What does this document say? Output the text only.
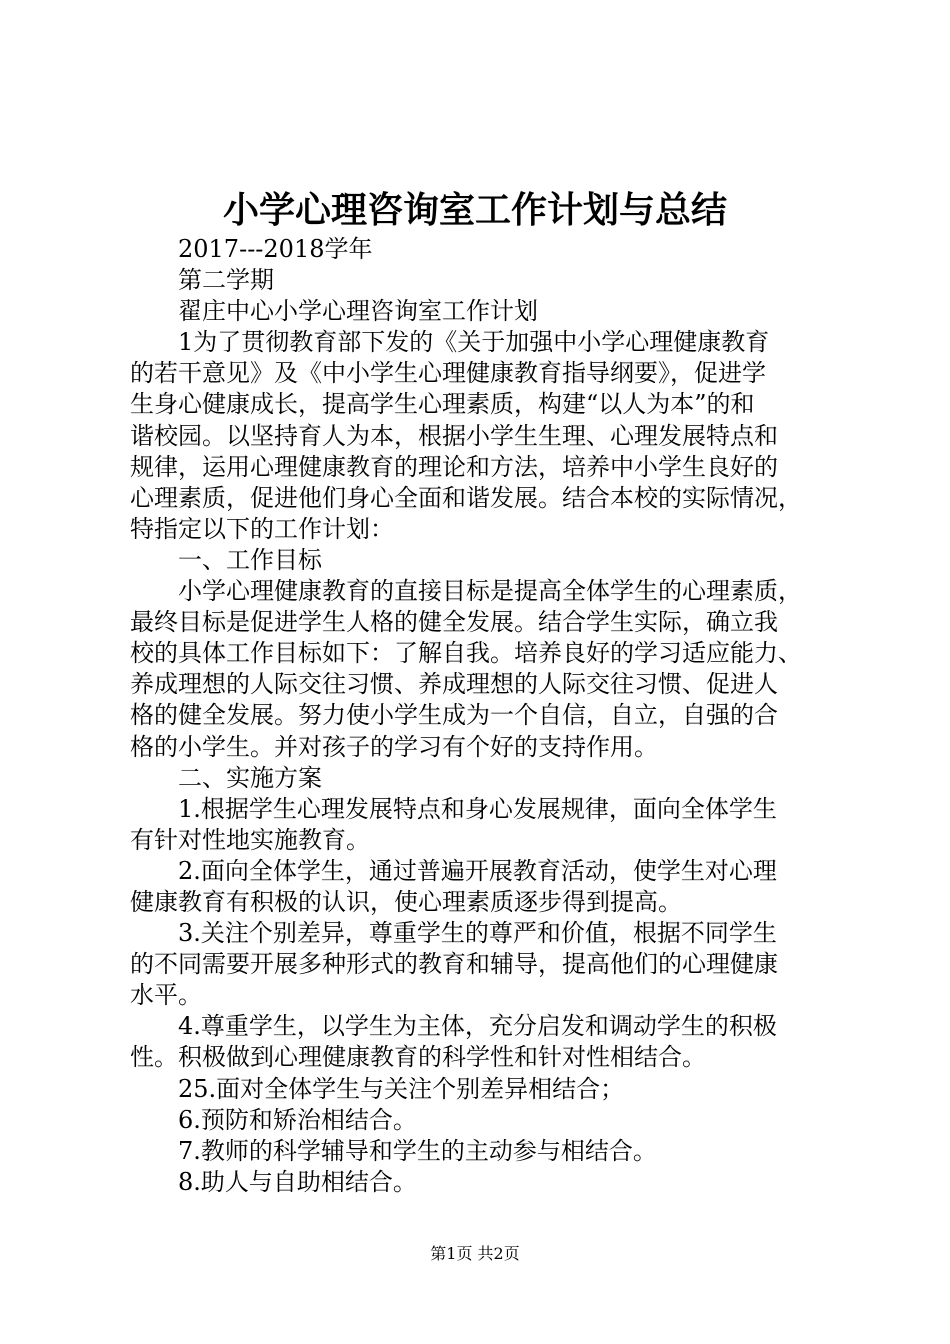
小学心理咨询室工作计划与总结
2017---2018学年
第二学期
翟庄中心小学心理咨询室工作计划
1为了贯彻教育部下发的《关于加强中小学心理健康教育
的若干意见》及《中小学生心理健康教育指导纲要》，促进学
生身心健康成长，提高学生心理素质，构建“以人为本”的和
谐校园。以坚持育人为本，根据小学生生理、心理发展特点和
规律，运用心理健康教育的理论和方法，培养中小学生良好的
心理素质，促进他们身心全面和谐发展。结合本校的实际情况，
特指定以下的工作计划：
一、工作目标
小学心理健康教育的直接目标是提高全体学生的心理素质，
最终目标是促进学生人格的健全发展。结合学生实际，确立我
校的具体工作目标如下：了解自我。培养良好的学习适应能力、
养成理想的人际交往习惯、养成理想的人际交往习惯、促进人
格的健全发展。努力使小学生成为一个自信，自立，自强的合
格的小学生。并对孩子的学习有个好的支持作用。
二、实施方案
1.根据学生心理发展特点和身心发展规律，面向全体学生
有针对性地实施教育。
2.面向全体学生，通过普遍开展教育活动，使学生对心理
健康教育有积极的认识，使心理素质逐步得到提高。
3.关注个别差异，尊重学生的尊严和价值，根据不同学生
的不同需要开展多种形式的教育和辅导，提高他们的心理健康
水平。
4.尊重学生，以学生为主体，充分启发和调动学生的积极
性。积极做到心理健康教育的科学性和针对性相结合。
25.面对全体学生与关注个别差异相结合；
6.预防和矫治相结合。
7.教师的科学辅导和学生的主动参与相结合。
8.助人与自助相结合。
第1页 共2页
